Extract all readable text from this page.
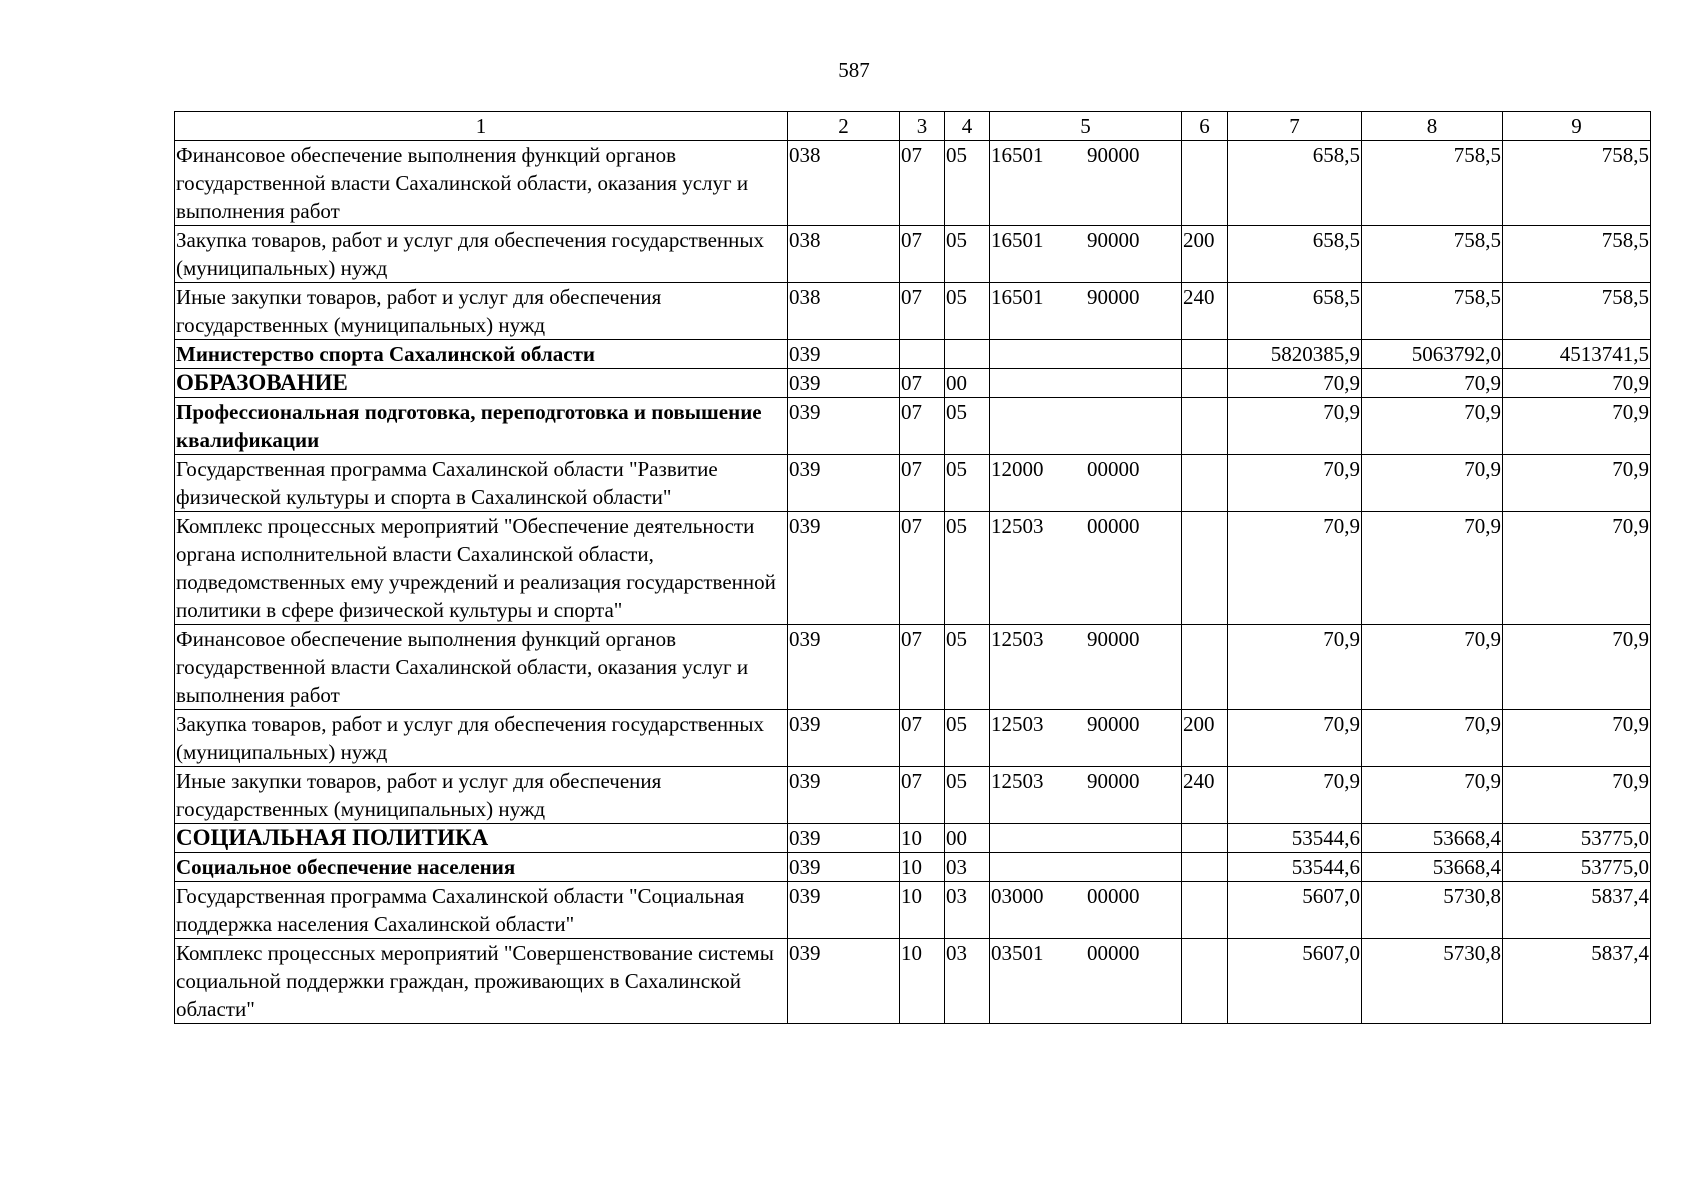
587
1	2	3	4	5	6	7	8	9
Финансовое обеспечение выполнения функций органов государственной власти Сахалинской области, оказания услуг и выполнения работ	038	07	05	16501 90000		658,5	758,5	758,5
Закупка товаров, работ и услуг для обеспечения государственных (муниципальных) нужд	038	07	05	16501 90000	200	658,5	758,5	758,5
Иные закупки товаров, работ и услуг для обеспечения государственных (муниципальных) нужд	038	07	05	16501 90000	240	658,5	758,5	758,5
Министерство спорта Сахалинской области	039					5820385,9	5063792,0	4513741,5
ОБРАЗОВАНИЕ	039	07	00			70,9	70,9	70,9
Профессиональная подготовка, переподготовка и повышение квалификации	039	07	05			70,9	70,9	70,9
Государственная программа Сахалинской области "Развитие физической культуры и спорта в Сахалинской области"	039	07	05	12000 00000		70,9	70,9	70,9
Комплекс процессных мероприятий "Обеспечение деятельности органа исполнительной власти Сахалинской области, подведомственных ему учреждений и реализация государственной политики в сфере физической культуры и спорта"	039	07	05	12503 00000		70,9	70,9	70,9
Финансовое обеспечение выполнения функций органов государственной власти Сахалинской области, оказания услуг и выполнения работ	039	07	05	12503 90000		70,9	70,9	70,9
Закупка товаров, работ и услуг для обеспечения государственных (муниципальных) нужд	039	07	05	12503 90000	200	70,9	70,9	70,9
Иные закупки товаров, работ и услуг для обеспечения государственных (муниципальных) нужд	039	07	05	12503 90000	240	70,9	70,9	70,9
СОЦИАЛЬНАЯ ПОЛИТИКА	039	10	00			53544,6	53668,4	53775,0
Социальное обеспечение населения	039	10	03			53544,6	53668,4	53775,0
Государственная программа Сахалинской области "Социальная поддержка населения Сахалинской области"	039	10	03	03000 00000		5607,0	5730,8	5837,4
Комплекс процессных мероприятий "Совершенствование системы социальной поддержки граждан, проживающих в Сахалинской области"	039	10	03	03501 00000		5607,0	5730,8	5837,4
